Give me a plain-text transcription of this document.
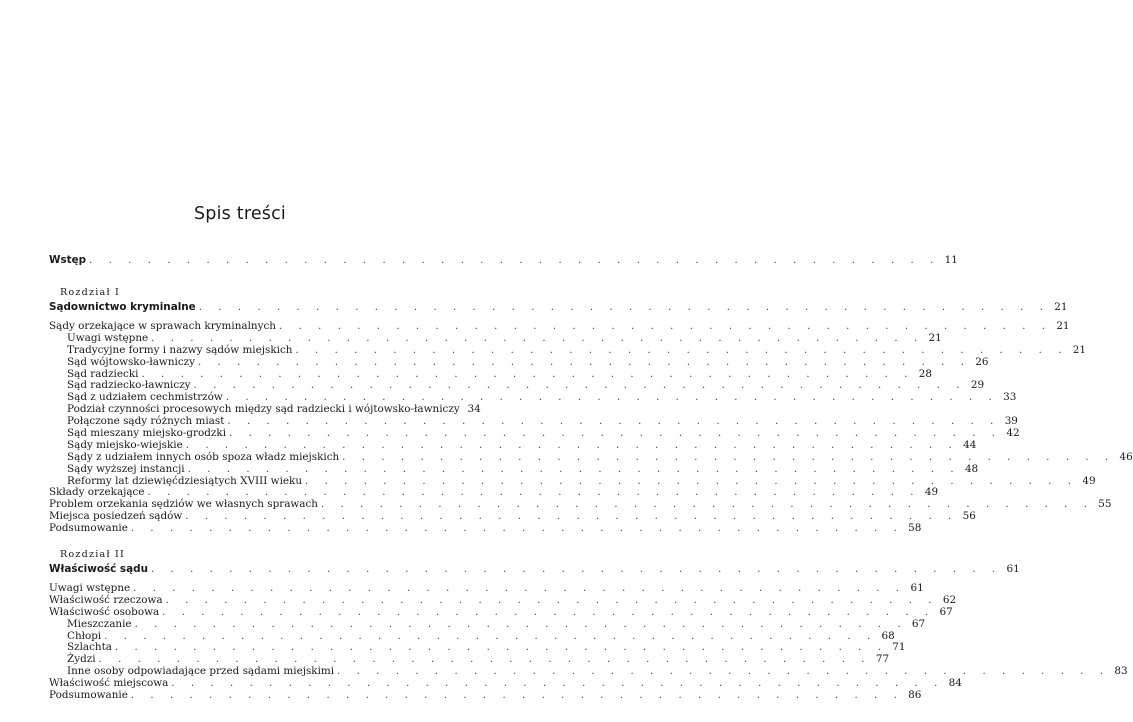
Spis treści
Wstęp . . . . . . . . . . . . . . . . . . . . . . . . . . . . . . . . . . . . . . . . . . . . 11
Rozdział I
Sądownictwo kryminalne . . . . . . . . . . . . . . . . . . . . . . . . . . . . . . . . . . . . . . . . . . . . 21
Sądy orzekające w sprawach kryminalnych . . . . . . . . . . . . . . . . . . . . . . . . . . . . . . . . . . . . . . . . 21
Uwagi wstępne . . . . . . . . . . . . . . . . . . . . . . . . . . . . . . . . . . . . . . . . 21
Tradycyjne formy i nazwy sądów miejskich . . . . . . . . . . . . . . . . . . . . . . . . . . . . . . . . . . . . . . . . 21
Sąd wójtowsko-ławniczy . . . . . . . . . . . . . . . . . . . . . . . . . . . . . . . . . . . . . . . . 26
Sąd radziecki . . . . . . . . . . . . . . . . . . . . . . . . . . . . . . . . . . . . . . . . 28
Sąd radziecko-ławniczy . . . . . . . . . . . . . . . . . . . . . . . . . . . . . . . . . . . . . . . . 29
Sąd z udziałem cechmistrzów . . . . . . . . . . . . . . . . . . . . . . . . . . . . . . . . . . . . . . . . 33
Podział czynności procesowych między sąd radziecki i wójtowsko-ławniczy 34
Połączone sądy różnych miast . . . . . . . . . . . . . . . . . . . . . . . . . . . . . . . . . . . . . . . . 39
Sąd mieszany miejsko-grodzki . . . . . . . . . . . . . . . . . . . . . . . . . . . . . . . . . . . . . . . . 42
Sądy miejsko-wiejskie . . . . . . . . . . . . . . . . . . . . . . . . . . . . . . . . . . . . . . . . 44
Sądy z udziałem innych osób spoza władz miejskich . . . . . . . . . . . . . . . . . . . . . . . . . . . . . . . . . . . . . . . . 46
Sądy wyższej instancji . . . . . . . . . . . . . . . . . . . . . . . . . . . . . . . . . . . . . . . . 48
Reformy lat dziewięćdziesiątych XVIII wieku . . . . . . . . . . . . . . . . . . . . . . . . . . . . . . . . . . . . . . . . 49
Składy orzekające . . . . . . . . . . . . . . . . . . . . . . . . . . . . . . . . . . . . . . . . 49
Problem orzekania sędziów we własnych sprawach . . . . . . . . . . . . . . . . . . . . . . . . . . . . . . . . . . . . . . . . 55
Miejsca posiedzeń sądów . . . . . . . . . . . . . . . . . . . . . . . . . . . . . . . . . . . . . . . . 56
Podsumowanie . . . . . . . . . . . . . . . . . . . . . . . . . . . . . . . . . . . . . . . . 58
Rozdział II
Właściwość sądu . . . . . . . . . . . . . . . . . . . . . . . . . . . . . . . . . . . . . . . . . . . . 61
Uwagi wstępne . . . . . . . . . . . . . . . . . . . . . . . . . . . . . . . . . . . . . . . . 61
Właściwość rzeczowa . . . . . . . . . . . . . . . . . . . . . . . . . . . . . . . . . . . . . . . . 62
Właściwość osobowa . . . . . . . . . . . . . . . . . . . . . . . . . . . . . . . . . . . . . . . . 67
Mieszczanie . . . . . . . . . . . . . . . . . . . . . . . . . . . . . . . . . . . . . . . . 67
Chłopi . . . . . . . . . . . . . . . . . . . . . . . . . . . . . . . . . . . . . . . . 68
Szlachta . . . . . . . . . . . . . . . . . . . . . . . . . . . . . . . . . . . . . . . . 71
Żydzi . . . . . . . . . . . . . . . . . . . . . . . . . . . . . . . . . . . . . . . . 77
Inne osoby odpowiadające przed sądami miejskimi . . . . . . . . . . . . . . . . . . . . . . . . . . . . . . . . . . . . . . . . 83
Właściwość miejscowa . . . . . . . . . . . . . . . . . . . . . . . . . . . . . . . . . . . . . . . . 84
Podsumowanie . . . . . . . . . . . . . . . . . . . . . . . . . . . . . . . . . . . . . . . . 86
